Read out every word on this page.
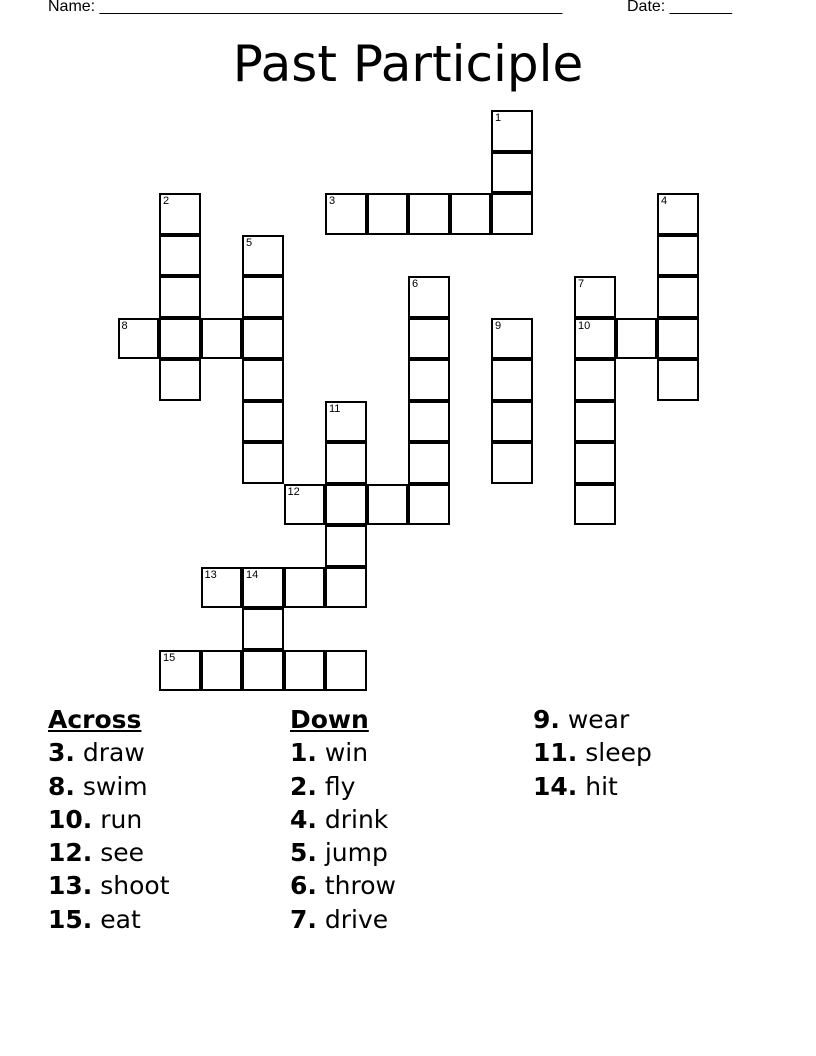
Name: ____________________________________________________	Date: _______
Past Participle
1
2	3	4
5
6	7
8	9	10
11
12
13	14
15
Across
3. draw
8. swim
10. run
12. see
13. shoot
15. eat
Down
1. win
2. fly
4. drink
5. jump
6. throw
7. drive
9. wear
11. sleep
14. hit
